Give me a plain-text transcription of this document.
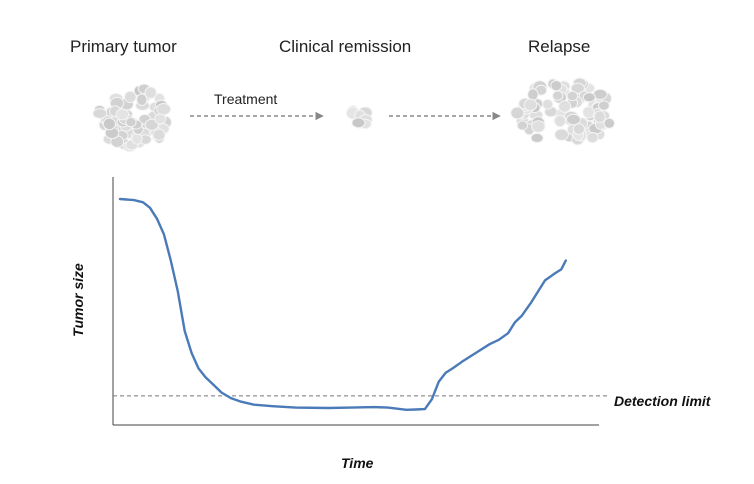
Primary tumor	Clinical remission	Relapse
Treatment
Tumor size
Time
Detection limit
